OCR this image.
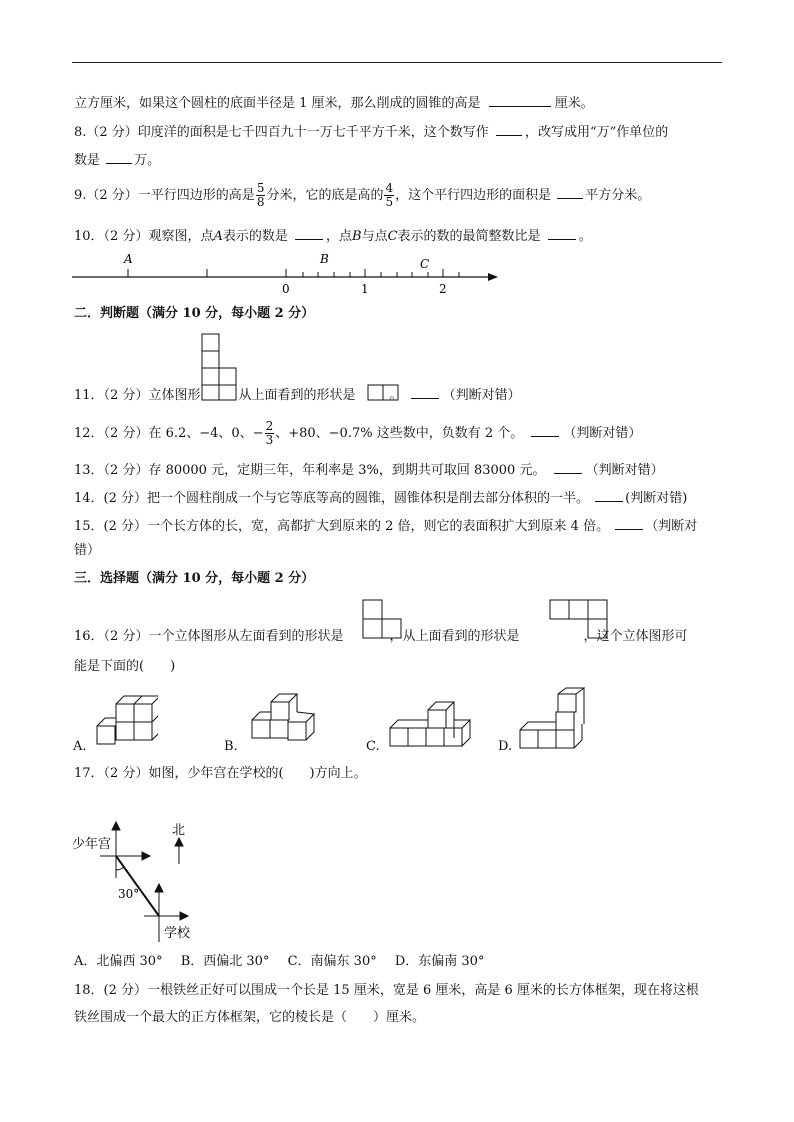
立方厘米，如果这个圆柱的底面半径是 1 厘米，那么削成的圆锥的高是	厘米。
8.（2 分）印度洋的面积是七千四百九十一万七千平方千米，这个数写作	，改写成用“万”作单位的
数是	万。
9.（2 分）一平行四边形的高是 $\frac{5}{8}$ 分米，它的底是高的 $\frac{4}{5}$ ，这个平行四边形的面积是	平方分米。
10．（2 分）观察图，点A表示的数是	，点B与点C表示的数的最简整数比是	。
A	B	C
0	1	2
二．判断题（满分 10 分，每小题 2 分）
11．（2 分）立体图形	从上面看到的形状是	。	（判断对错）
12．（2 分）在 6.2、−4、0、− $\frac{2}{3}$ 、+80、−0.7% 这些数中，负数有 2 个。	（判断对错）
13．（2 分）存 80000 元，定期三年，年利率是 3%，到期共可取回 83000 元。	（判断对错）
14．(2 分）把一个圆柱削成一个与它等底等高的圆锥，圆锥体积是削去部分体积的一半。	(判断对错)
15．(2 分）一个长方体的长，宽，高都扩大到原来的 2 倍，则它的表面积扩大到原来 4 倍。	（判断对
错）
三．选择题（满分 10 分，每小题 2 分）
16．（2 分）一个立体图形从左面看到的形状是	，从上面看到的形状是	，这个立体图形可
能是下面的(　　)
A.	B.	C.	D.
17．（2 分）如图，少年宫在学校的(　　)方向上。
北
少年宫
30°
学校
A．北偏西 30° B．西偏北 30° C．南偏东 30° D．东偏南 30°
18．(2 分）一根铁丝正好可以围成一个长是 15 厘米，宽是 6 厘米，高是 6 厘米的长方体框架，现在将这根
铁丝围成一个最大的正方体框架，它的棱长是（　　）厘米。
